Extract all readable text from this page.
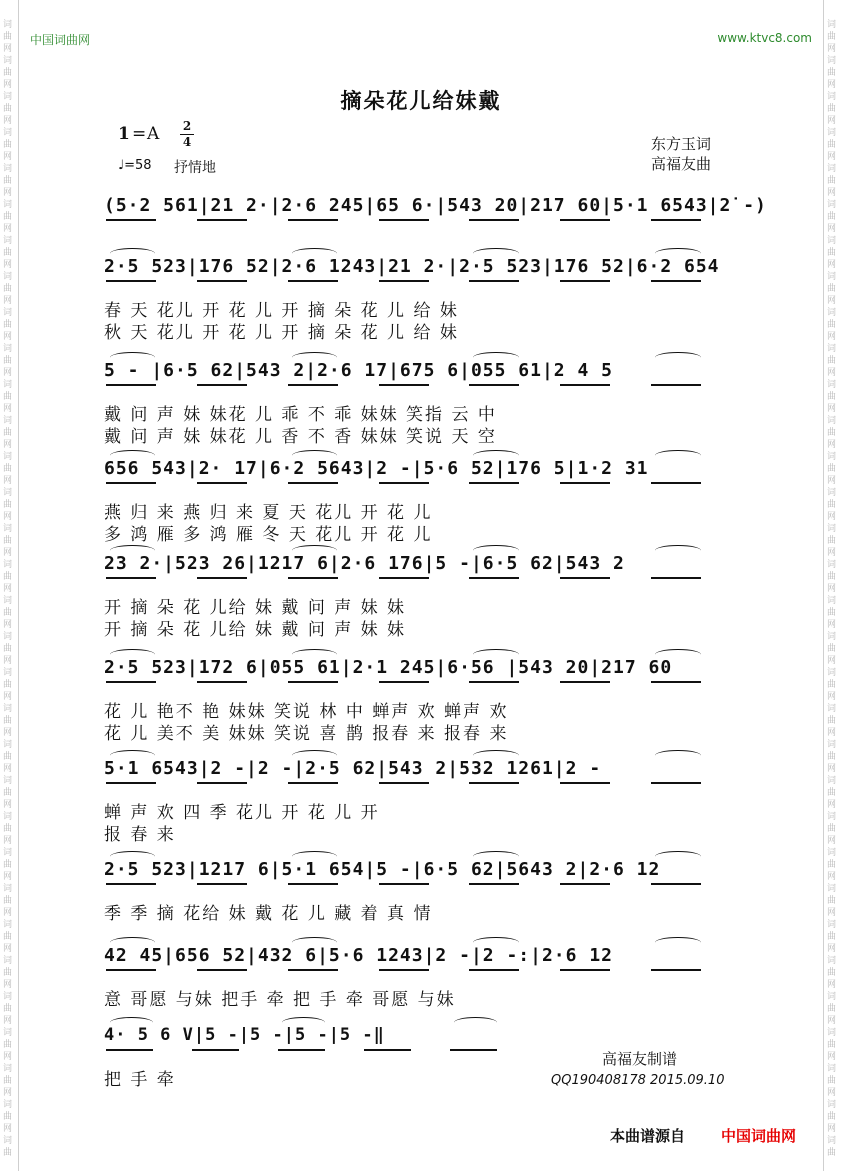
词
曲
网
词
曲
网
词
曲
网
词
曲
网
词
曲
网
词
曲
网
词
曲
网
词
曲
网
词
曲
网
词
曲
网
词
曲
网
词
曲
网
词
曲
网
词
曲
网
词
曲
网
词
曲
网
词
曲
网
词
曲
网
词
曲
网
词
曲
网
词
曲
网
词
曲
网
词
曲
网
词
曲
网
词
曲
网
词
曲
网
词
曲
网
词
曲
网
词
曲
网
词
曲
网
词
曲
网
词
曲
词
曲
网
词
曲
网
词
曲
网
词
曲
网
词
曲
网
词
曲
网
词
曲
网
词
曲
网
词
曲
网
词
曲
网
词
曲
网
词
曲
网
词
曲
网
词
曲
网
词
曲
网
词
曲
网
词
曲
网
词
曲
网
词
曲
网
词
曲
网
词
曲
网
词
曲
网
词
曲
网
词
曲
网
词
曲
网
词
曲
网
词
曲
网
词
曲
网
词
曲
网
词
曲
网
词
曲
网
词
曲
中国词曲网	www.ktvc8.com
摘朵花儿给妹戴
1 = A 2
4
♩=58 抒情地
东方玉词
高福友曲
(5·2 561|21 2·|2·6 245|65 6·|543 20|217 60|5·1 6543|2̇ -)
2·5 523|176 52|2·6 1243|21 2·|2·5 523|176 52|6·2 654
春 天 花儿 开 花 儿 开 摘 朵 花 儿 给 妹
秋 天 花儿 开 花 儿 开 摘 朵 花 儿 给 妹
5 - |6·5 62|543 2|2·6 17|675 6|055 61|2 4 5
戴 问 声 妹 妹花 儿 乖 不 乖 妹妹 笑指 云 中
戴 问 声 妹 妹花 儿 香 不 香 妹妹 笑说 天 空
656 543|2· 17|6·2 5643|2 -|5·6 52|176 5|1·2 31
燕 归 来 燕 归 来 夏 天 花儿 开 花 儿
多 鸿 雁 多 鸿 雁 冬 天 花儿 开 花 儿
23 2·|523 26|1217 6|2·6 176|5 -|6·5 62|543 2
开 摘 朵 花 儿给 妹 戴 问 声 妹 妹
开 摘 朵 花 儿给 妹 戴 问 声 妹 妹
2·5 523|172 6|055 61|2·1 245|6·56 |543 20|217 60
花 儿 艳不 艳 妹妹 笑说 林 中 蝉声 欢 蝉声 欢
花 儿 美不 美 妹妹 笑说 喜 鹊 报春 来 报春 来
5·1 6543|2 -|2 -|2·5 62|543 2|532 1261|2 -
蝉 声 欢 四 季 花儿 开 花 儿 开
报 春 来
2·5 523|1217 6|5·1 654|5 -|6·5 62|5643 2|2·6 12
季 季 摘 花给 妹 戴 花 儿 藏 着 真 情
42 45|656 52|432 6|5·6 1243|2 -|2 -:|2·6 12
意 哥愿 与妹 把手 牵 把 手 牵 哥愿 与妹
4· 5 6 V|5 -|5 -|5 -|5 -‖
把 手 牵
高福友制谱
QQ190408178 2015.09.10
本曲谱源自 中国词曲网
